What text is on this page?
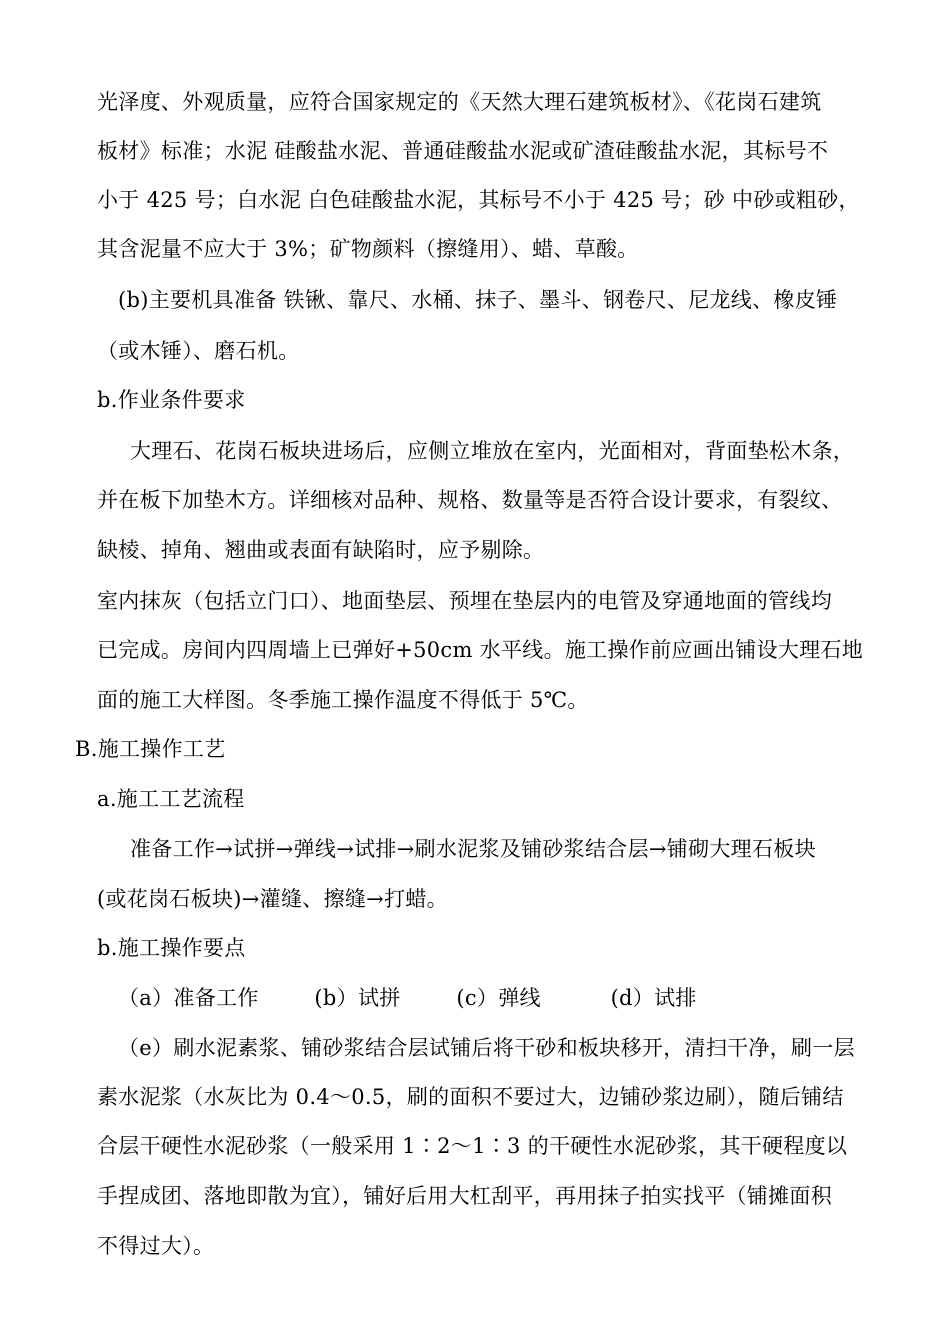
光泽度、外观质量，应符合国家规定的《天然大理石建筑板材》、《花岗石建筑
板材》标准；水泥 硅酸盐水泥、普通硅酸盐水泥或矿渣硅酸盐水泥，其标号不
小于 425 号；白水泥 白色硅酸盐水泥，其标号不小于 425 号；砂 中砂或粗砂，
其含泥量不应大于 3%；矿物颜料（擦缝用）、蜡、草酸。
(b)主要机具准备 铁锹、靠尺、水桶、抹子、墨斗、钢卷尺、尼龙线、橡皮锤
（或木锤）、磨石机。
b.作业条件要求
大理石、花岗石板块进场后，应侧立堆放在室内，光面相对，背面垫松木条，
并在板下加垫木方。详细核对品种、规格、数量等是否符合设计要求，有裂纹、
缺棱、掉角、翘曲或表面有缺陷时，应予剔除。
室内抹灰（包括立门口）、地面垫层、预埋在垫层内的电管及穿通地面的管线均
已完成。房间内四周墙上已弹好+50cm 水平线。施工操作前应画出铺设大理石地
面的施工大样图。冬季施工操作温度不得低于 5℃。
B.施工操作工艺
a.施工工艺流程
准备工作→试拼→弹线→试排→刷水泥浆及铺砂浆结合层→铺砌大理石板块
(或花岗石板块)→灌缝、擦缝→打蜡。
b.施工操作要点
（a）准备工作        (b）试拼        (c）弹线          (d）试排
（e）刷水泥素浆、铺砂浆结合层试铺后将干砂和板块移开，清扫干净，刷一层
素水泥浆（水灰比为 0.4～0.5，刷的面积不要过大，边铺砂浆边刷），随后铺结
合层干硬性水泥砂浆（一般采用 1∶2～1∶3 的干硬性水泥砂浆，其干硬程度以
手捏成团、落地即散为宜），铺好后用大杠刮平，再用抹子拍实找平（铺摊面积
不得过大）。
